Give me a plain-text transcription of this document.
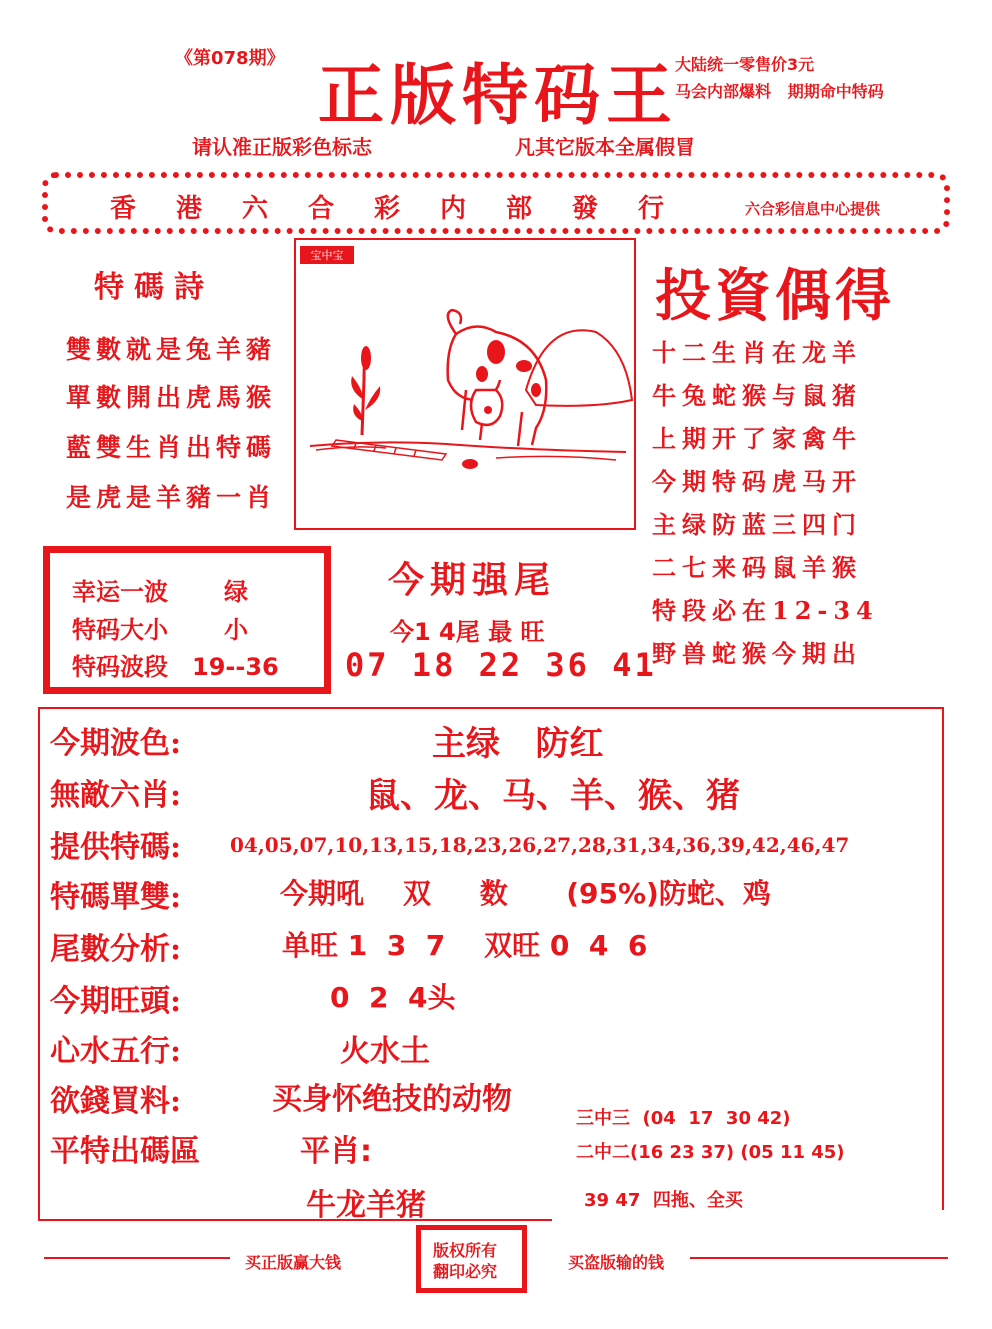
《第078期》 正版特码王
大陆统一零售价3元
马会内部爆料   期期命中特码
请认准正版彩色标志	凡其它版本全属假冒
香港六合彩内部發行	六合彩信息中心提供
特碼詩
雙數就是兔羊豬
單數開出虎馬猴
藍雙生肖出特碼
是虎是羊豬一肖
宝中宝
投資偶得
十二生肖在龙羊
牛兔蛇猴与鼠猪
上期开了家禽牛
今期特码虎马开
主绿防蓝三四门
二七来码鼠羊猴
特段必在12-34
野兽蛇猴今期出
幸运一波 绿
特码大小 小
特码波段 19--36
今期强尾
今1 4尾 最 旺
07 18 22 36 41
今期波色:	主绿   防红
無敵六肖:	鼠、龙、马、羊、猴、猪
提供特碼: 04,05,07,10,13,15,18,23,26,27,28,31,34,36,39,42,46,47
特碼單雙:	今期吼    双     数      (95%)防蛇、鸡
尾數分析:	单旺 1  3  7    双旺 0  4  6
今期旺頭:	0  2  4头
心水五行:	火水土
欲錢買料:	买身怀绝技的动物
平特出碼區	平肖:
牛龙羊猪
三中三  (04  17  30 42)
二中二(16 23 37) (05 11 45)
39 47  四拖、全买
买正版赢大钱	买盗版输的钱
版权所有
翻印必究
